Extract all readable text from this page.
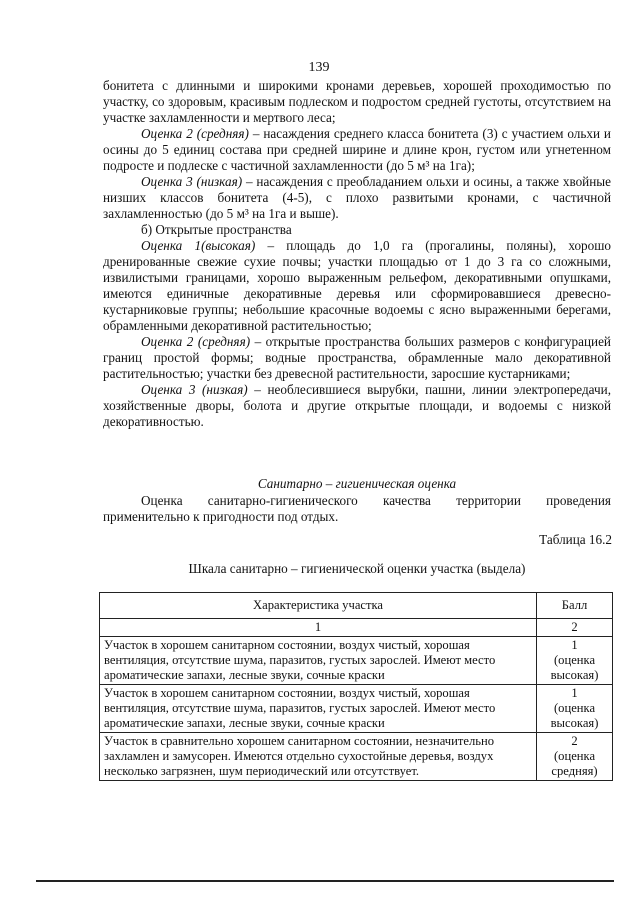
139

бонитета с длинными и широкими кронами деревьев, хорошей проходимостью по участку, со здоровым, красивым подлеском и подростом средней густоты, отсутствием на участке захламленности и мертвого леса;

Оценка 2 (средняя) – насаждения среднего класса бонитета (3) с участием ольхи и осины до 5 единиц состава при средней ширине и длине крон, густом или угнетенном подросте и подлеске с частичной захламленности (до 5 м³ на 1га);

Оценка 3 (низкая) – насаждения с преобладанием ольхи и осины, а также хвойные низших классов бонитета (4-5), с плохо развитыми кронами, с частичной захламленностью (до 5 м³ на 1га и выше).

б) Открытые пространства

Оценка 1(высокая) – площадь до 1,0 га (прогалины, поляны), хорошо дренированные свежие сухие почвы; участки площадью от 1 до 3 га со сложными, извилистыми границами, хорошо выраженным рельефом, декоративными опушками, имеются единичные декоративные деревья или сформировавшиеся древесно-кустарниковые группы; небольшие красочные водоемы с ясно выраженными берегами, обрамленными декоративной растительностью;

Оценка 2 (средняя) – открытые пространства больших размеров с конфигурацией границ простой формы; водные пространства, обрамленные мало декоративной растительностью; участки без древесной растительности, заросшие кустарниками;

Оценка 3 (низкая) – необлесившиеся вырубки, пашни, линии электропередачи, хозяйственные дворы, болота и другие открытые площади, и водоемы с низкой декоративностью.

Санитарно – гигиеническая оценка

Оценка санитарно-гигиенического качества территории проведения применительно к пригодности под отдых.

Таблица 16.2
Шкала санитарно – гигиенической оценки участка (выдела)
Характеристика участка	Балл
1	2
Участок в хорошем санитарном состоянии, воздух чистый, хорошая вентиляция, отсутствие шума, паразитов, густых зарослей. Имеют место ароматические запахи, лесные звуки, сочные краски	1
(оценка высокая)

Участок в хорошем санитарном состоянии, воздух чистый, хорошая вентиляция, отсутствие шума, паразитов, густых зарослей. Имеют место ароматические запахи, лесные звуки, сочные краски	1
(оценка высокая)

Участок в сравнительно хорошем санитарном состоянии, незначительно захламлен и замусорен. Имеются отдельно сухостойные деревья, воздух несколько загрязнен, шум периодический или отсутствует.	2
(оценка средняя)
